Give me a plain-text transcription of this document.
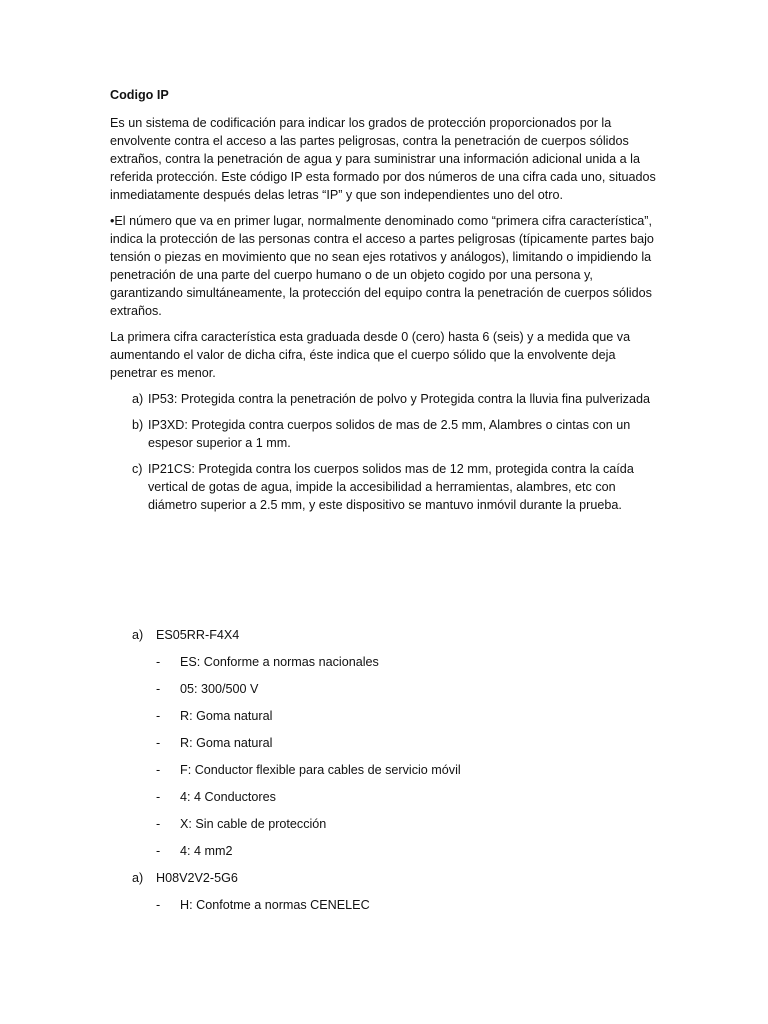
Codigo IP

Es un sistema de codificación para indicar los grados de protección proporcionados por la envolvente contra el acceso a las partes peligrosas, contra la penetración de cuerpos sólidos extraños, contra la penetración de agua y para suministrar una información adicional unida a la referida protección. Este código IP esta formado por dos números de una cifra cada uno, situados inmediatamente después delas letras “IP” y que son independientes uno del otro.

•El número que va en primer lugar, normalmente denominado como “primera cifra característica”, indica la protección de las personas contra el acceso a partes peligrosas (típicamente partes bajo tensión o piezas en movimiento que no sean ejes rotativos y análogos), limitando o impidiendo la penetración de una parte del cuerpo humano o de un objeto cogido por una persona y, garantizando simultáneamente, la protección del equipo contra la penetración de cuerpos sólidos extraños.

La primera cifra característica esta graduada desde 0 (cero) hasta 6 (seis) y a medida que va aumentando el valor de dicha cifra, éste indica que el cuerpo sólido que la envolvente deja penetrar es menor.

a) IP53: Protegida contra la penetración de polvo y Protegida contra la lluvia fina pulverizada
b) IP3XD: Protegida contra cuerpos solidos de mas de 2.5 mm, Alambres o cintas con un espesor superior a 1 mm.
c) IP21CS: Protegida contra los cuerpos solidos mas de 12 mm, protegida contra la caída vertical de gotas de agua, impide la accesibilidad a herramientas, alambres, etc con diámetro superior a 2.5 mm, y este dispositivo se mantuvo inmóvil durante la prueba.
a) ES05RR-F4X4
- ES: Conforme a normas nacionales
- 05: 300/500 V
- R: Goma natural
- R: Goma natural
- F: Conductor flexible para cables de servicio móvil
- 4: 4 Conductores
- X: Sin cable de protección
- 4: 4 mm2
a) H08V2V2-5G6
- H: Confotme a normas CENELEC
